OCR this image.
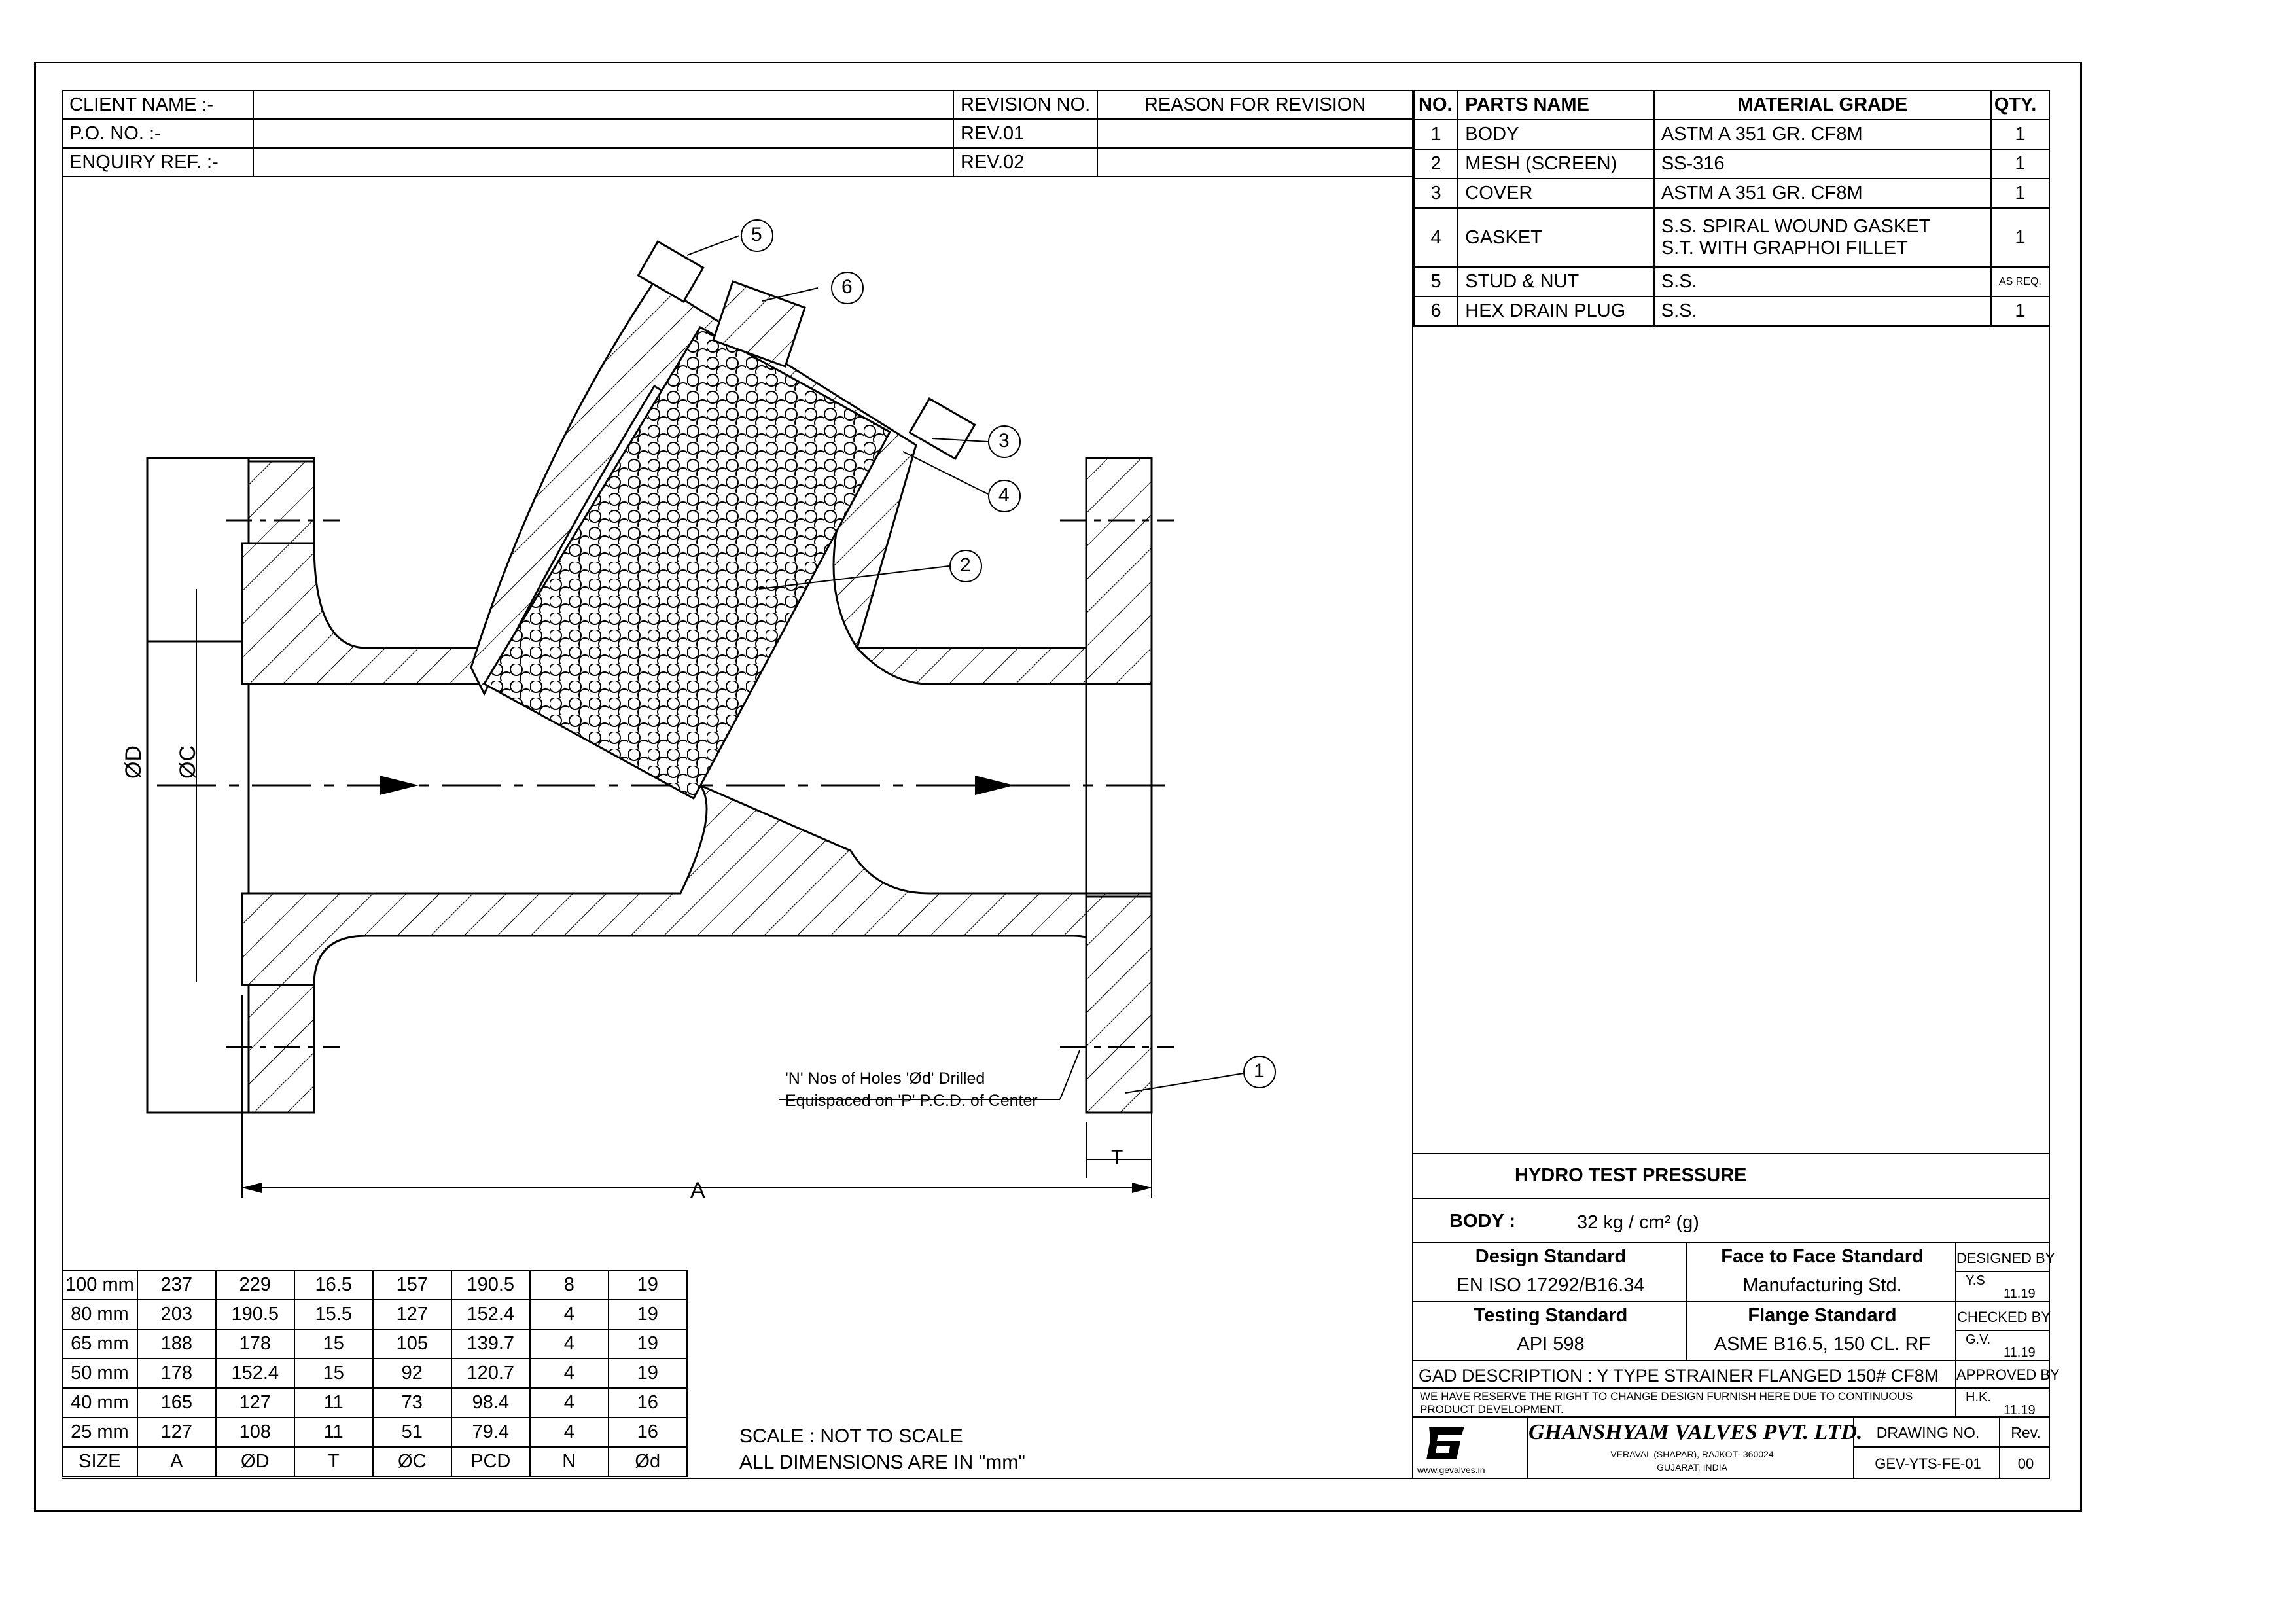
CLIENT NAME :-		REVISION NO.	REASON FOR REVISION
P.O. NO. :-		REV.01	
ENQUIRY REF. :-		REV.02	
NO.	PARTS NAME	MATERIAL GRADE	QTY.
1	BODY	ASTM A 351 GR. CF8M	1
2	MESH (SCREEN)	SS-316	1
3	COVER	ASTM A 351 GR. CF8M	1
4	GASKET	S.S. SPIRAL WOUND GASKET
S.T. WITH GRAPHOI FILLET	1
5	STUD & NUT	S.S.	AS REQ.
6	HEX DRAIN PLUG	S.S.	1
5
6
3
4
2
1
ØD ØC
A
T
'N' Nos of Holes 'Ød' Drilled
Equispaced on 'P' P.C.D. of Center
100 mm	237	229	16.5	157	190.5	8	19
80 mm	203	190.5	15.5	127	152.4	4	19
65 mm	188	178	15	105	139.7	4	19
50 mm	178	152.4	15	92	120.7	4	19
40 mm	165	127	11	73	98.4	4	16
25 mm	127	108	11	51	79.4	4	16
SIZE	A	ØD	T	ØC	PCD	N	Ød
SCALE : NOT TO SCALE
ALL DIMENSIONS ARE IN "mm"
HYDRO TEST PRESSURE
BODY :	32 kg / cm² (g)
Design Standard
EN ISO 17292/B16.34
Face to Face Standard
Manufacturing Std.
DESIGNED BY
Y.S
11.19
Testing Standard
API 598
Flange Standard
ASME B16.5, 150 CL. RF
CHECKED BY
G.V.
11.19
GAD DESCRIPTION : Y TYPE STRAINER FLANGED 150# CF8M APPROVED BY
WE HAVE RESERVE THE RIGHT TO CHANGE DESIGN FURNISH HERE DUE TO CONTINUOUS PRODUCT DEVELOPMENT.
H.K.
11.19
www.gevalves.in
GHANSHYAM VALVES PVT. LTD.
VERAVAL (SHAPAR), RAJKOT- 360024
GUJARAT, INDIA
DRAWING NO.	Rev.
GEV-YTS-FE-01	00
